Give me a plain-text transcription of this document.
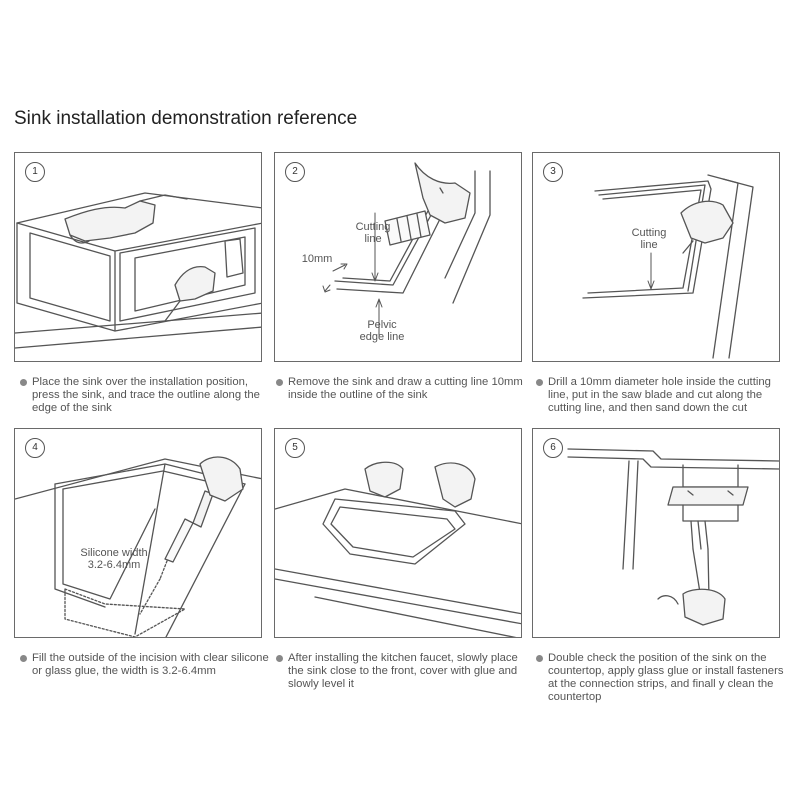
Sink installation demonstration reference
1	2
Cutting
line
10mm
Pelvic
edge line
3
Cutting
line
Place the sink over the installation position, press the sink, and trace the outline along the edge of the sink
Remove the sink and draw a cutting line 10mm inside the outline of the sink
Drill a 10mm diameter hole inside the cutting line, put in the saw blade and cut along the cutting line, and then sand down the cut
4
Silicone width
3.2-6.4mm
5	6
Fill the outside of the incision with clear silicone or glass glue, the width is 3.2-6.4mm
After installing the kitchen faucet, slowly place the sink close to the front, cover with glue and slowly level it
Double check the position of the sink on the countertop, apply glass glue or install fasteners at the connection strips, and finall y clean the countertop
